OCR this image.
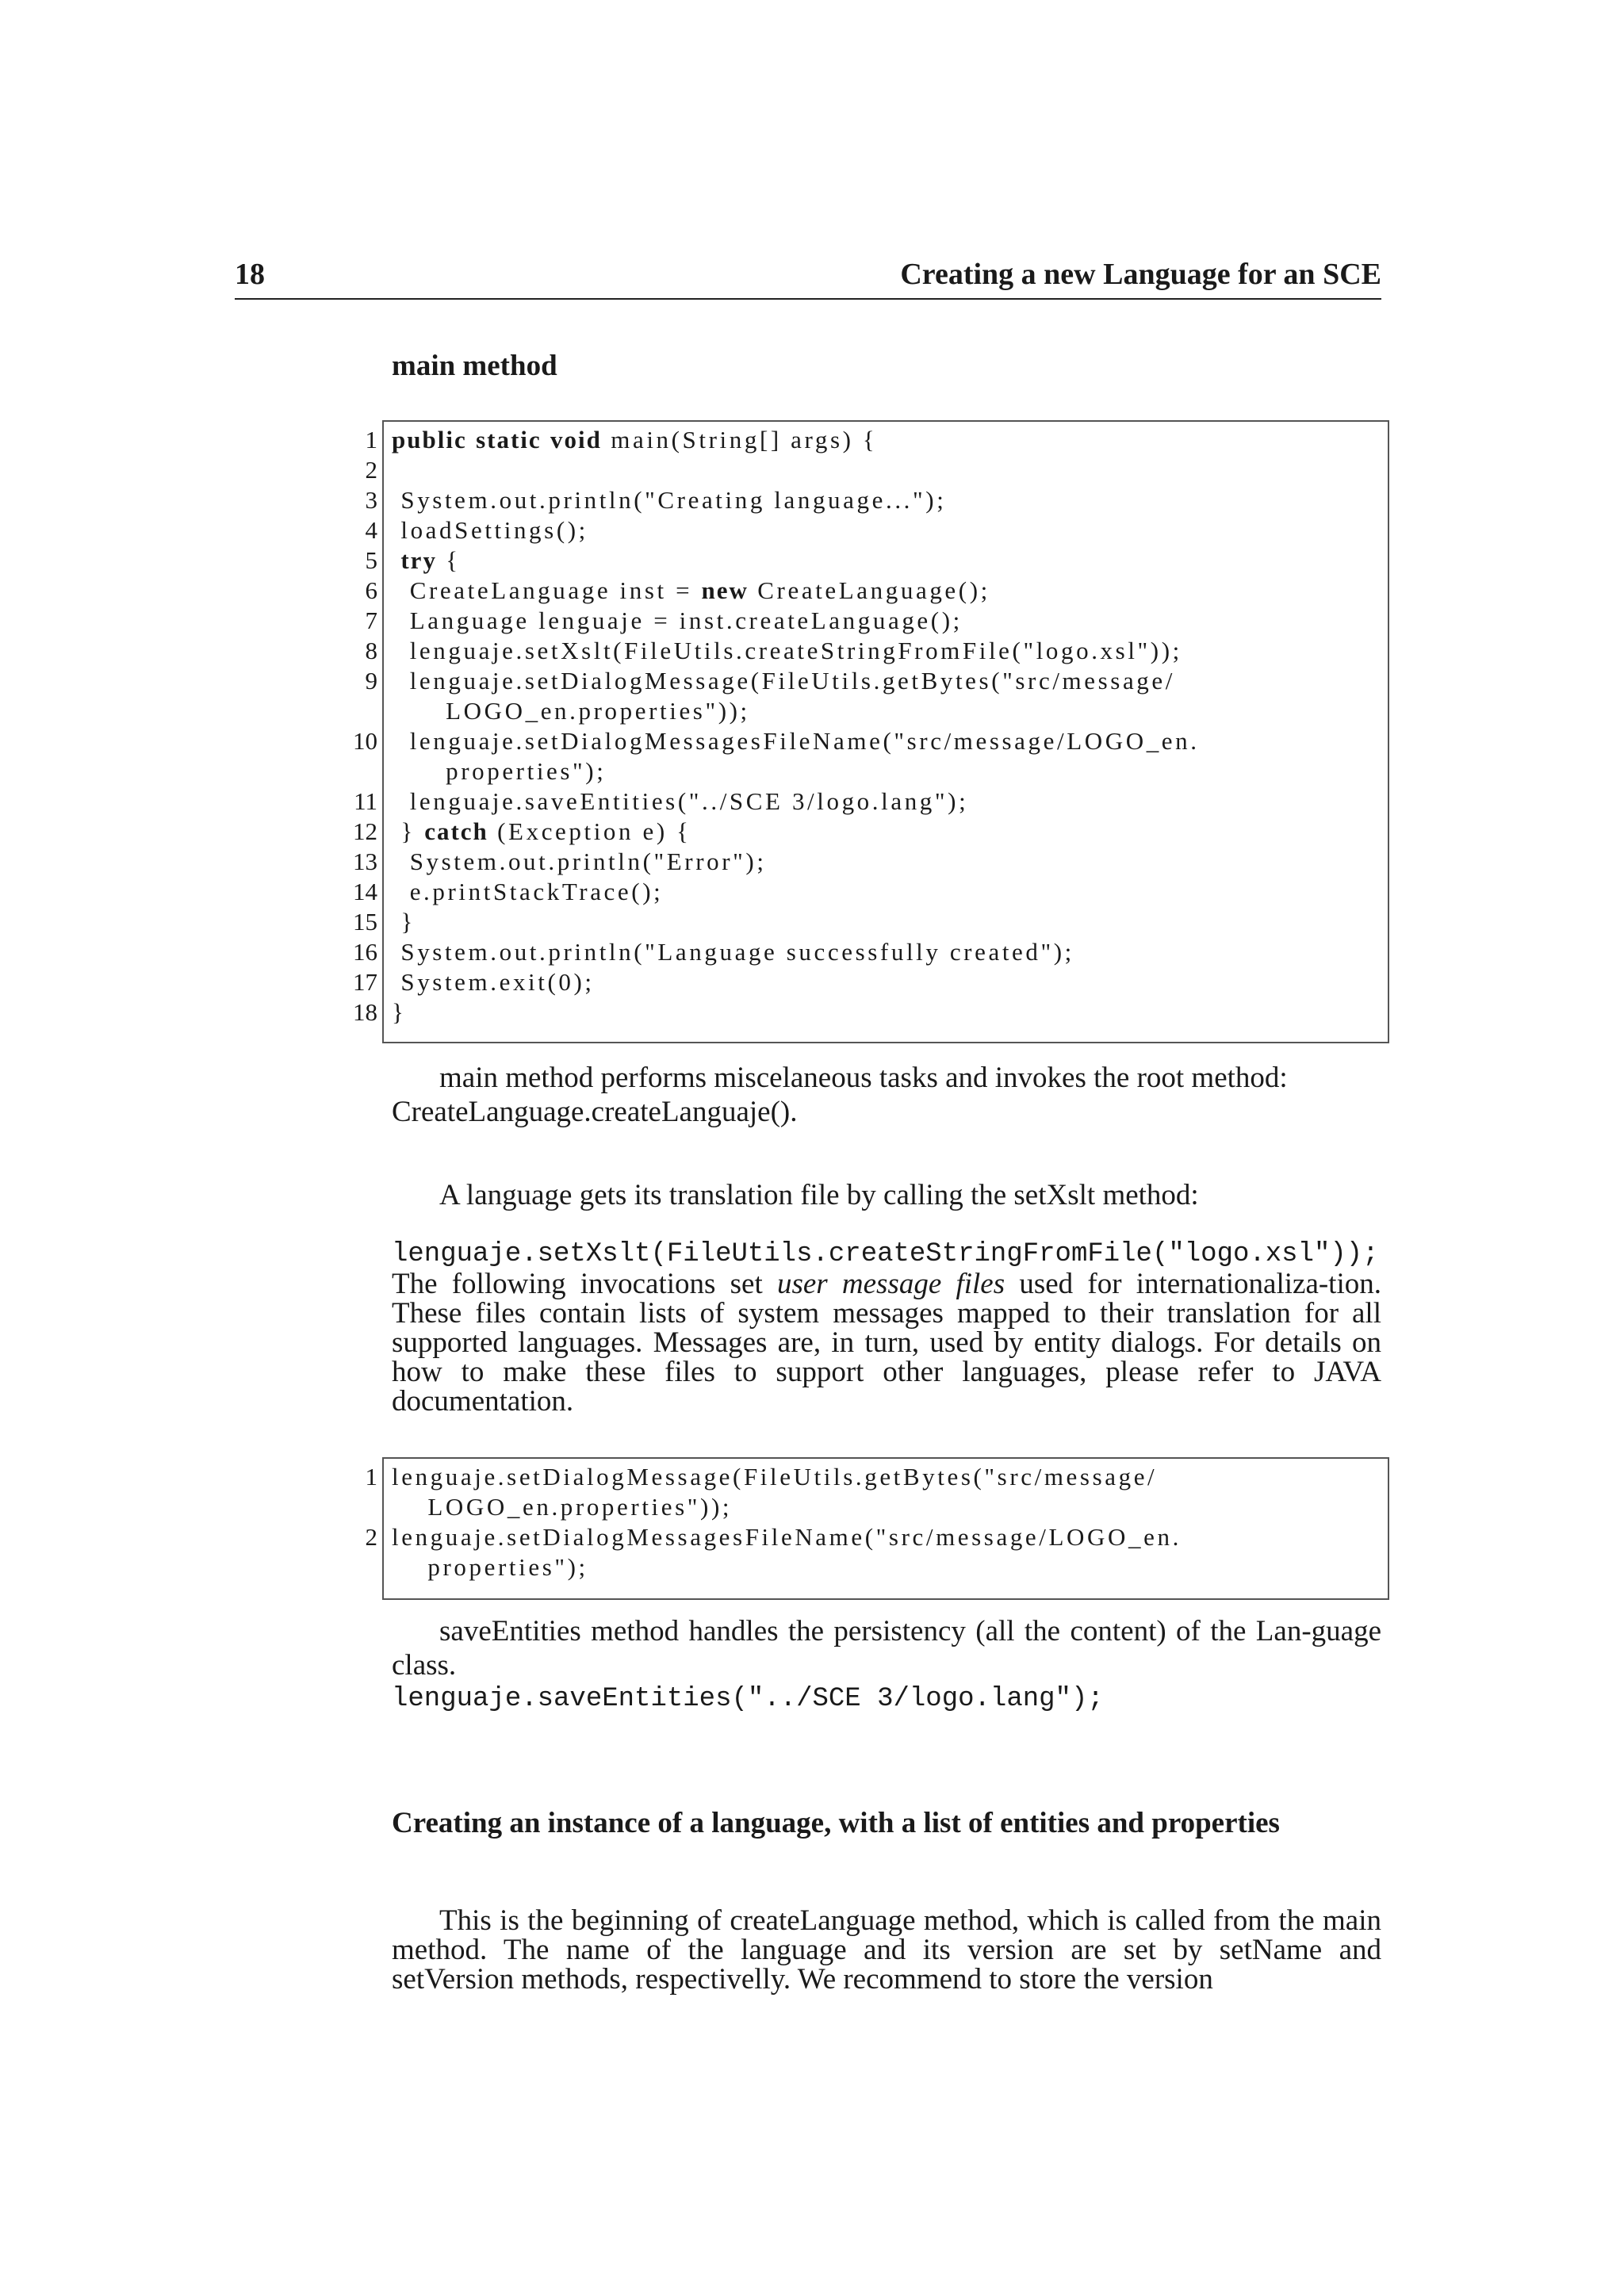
18	Creating a new Language for an SCE
main method
1 public static void main(String[] args) {
2
3 System.out.println("Creating language...");
4 loadSettings();
5 try {
6 CreateLanguage inst = new CreateLanguage();
7 Language lenguaje = inst.createLanguage();
8 lenguaje.setXslt(FileUtils.createStringFromFile("logo.xsl"));
9 lenguaje.setDialogMessage(FileUtils.getBytes("src/message/
LOGO_en.properties"));
10 lenguaje.setDialogMessagesFileName("src/message/LOGO_en.
properties");
11 lenguaje.saveEntities("../SCE 3/logo.lang");
12 } catch (Exception e) {
13 System.out.println("Error");
14 e.printStackTrace();
15 }
16 System.out.println("Language successfully created");
17 System.exit(0);
18 }
main method performs miscelaneous tasks and invokes the root method:
CreateLanguage.createLanguaje().
A language gets its translation file by calling the setXslt method:
lenguaje.setXslt(FileUtils.createStringFromFile("logo.xsl"));
The following invocations set user message files used for internationaliza-tion. These files contain lists of system messages mapped to their translation for all supported languages. Messages are, in turn, used by entity dialogs. For details on how to make these files to support other languages, please refer to JAVA documentation.
1 lenguaje.setDialogMessage(FileUtils.getBytes("src/message/
LOGO_en.properties"));
2 lenguaje.setDialogMessagesFileName("src/message/LOGO_en.
properties");
saveEntities method handles the persistency (all the content) of the Lan-guage class.
lenguaje.saveEntities("../SCE 3/logo.lang");
Creating an instance of a language, with a list of entities and properties
This is the beginning of createLanguage method, which is called from the main method. The name of the language and its version are set by setName and setVersion methods, respectivelly. We recommend to store the version
